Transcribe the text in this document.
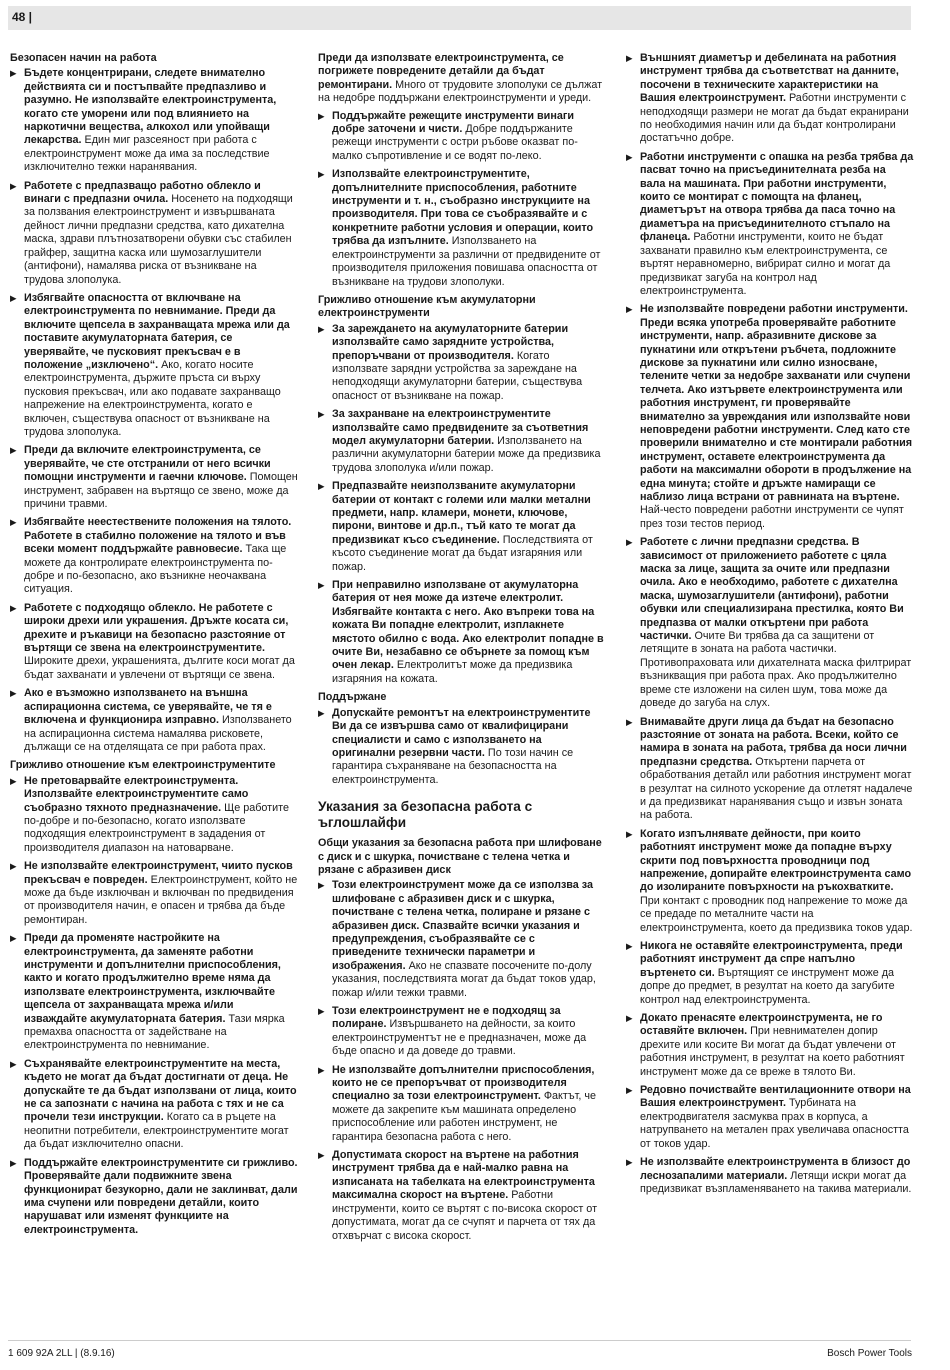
48 |
Безопасен начин на работа
▶ Бъдете концентрирани, следете внимателно действията си и постъпвайте предпазливо и разумно. Не използвайте електроинструмента, когато сте уморени или под влиянието на наркотични вещества, алкохол или упойващи лекарства. Един миг разсеяност при работа с електроинструмент може да има за последствие изключително тежки наранявания.
▶ Работете с предпазващо работно облекло и винаги с предпазни очила. Носенето на подходящи за ползвания електроинструмент и извършваната дейност лични предпазни средства, като дихателна маска, здрави плътнозатворени обувки със стабилен грайфер, защитна каска или шумозаглушители (антифони), намалява риска от възникване на трудова злополука.
▶ Избягвайте опасността от включване на електроинструмента по невнимание. Преди да включите щепсела в захранващата мрежа или да поставите акумулаторната батерия, се уверявайте, че пусковият прекъсвач е в положение „изключено“. Ако, когато носите електроинструмента, държите пръста си върху пусковия прекъсвач, или ако подавате захранващо напрежение на електроинструмента, когато е включен, съществува опасност от възникване на трудова злополука.
▶ Преди да включите електроинструмента, се уверявайте, че сте отстранили от него всички помощни инструменти и гаечни ключове. Помощен инструмент, забравен на въртящо се звено, може да причини травми.
▶ Избягвайте неестествените положения на тялото. Работете в стабилно положение на тялото и във всеки момент поддържайте равновесие. Така ще можете да контролирате електроинструмента по-добре и по-безопасно, ако възникне неочаквана ситуация.
▶ Работете с подходящо облекло. Не работете с широки дрехи или украшения. Дръжте косата си, дрехите и ръкавици на безопасно разстояние от въртящи се звена на електроинструментите. Широките дрехи, украшенията, дългите коси могат да бъдат захванати и увлечени от въртящи се звена.
▶ Ако е възможно използването на външна аспирационна система, се уверявайте, че тя е включена и функционира изправно. Използването на аспирационна система намалява рисковете, дължащи се на отделящата се при работа прах.
Грижливо отношение към електроинструментите
▶ Не претоварвайте електроинструмента. Използвайте електроинструментите само съобразно тяхното предназначение. Ще работите по-добре и по-безопасно, когато използвате подходящия електроинструмент в зададения от производителя диапазон на натоварване.
▶ Не използвайте електроинструмент, чиито пусков прекъсвач е повреден. Електроинструмент, който не може да бъде изключван и включван по предвидения от производителя начин, е опасен и трябва да бъде ремонтиран.
▶ Преди да променяте настройките на електроинструмента, да заменяте работни инструменти и допълнителни приспособления, както и когато продължително време няма да използвате електроинструмента, изключвайте щепсела от захранващата мрежа и/или изваждайте акумулаторната батерия. Тази мярка премахва опасността от задействане на електроинструмента по невнимание.
▶ Съхранявайте електроинструментите на места, където не могат да бъдат достигнати от деца. Не допускайте те да бъдат използвани от лица, които не са запознати с начина на работа с тях и не са прочели тези инструкции. Когато са в ръцете на неопитни потребители, електроинструментите могат да бъдат изключително опасни.
▶ Поддържайте електроинструментите си грижливо. Проверявайте дали подвижните звена функционират безукорно, дали не заклинват, дали има счупени или повредени детайли, които нарушават или изменят функциите на електроинструмента.
Преди да използвате електроинструмента, се погрижете повредените детайли да бъдат ремонтирани. Много от трудовите злополуки се дължат на недобре поддържани електроинструменти и уреди.
▶ Поддържайте режещите инструменти винаги добре заточени и чисти. Добре поддържаните режещи инструменти с остри ръбове оказват по-малко съпротивление и се водят по-леко.
▶ Използвайте електроинструментите, допълнителните приспособления, работните инструменти и т. н., съобразно инструкциите на производителя. При това се съобразявайте и с конкретните работни условия и операции, които трябва да изпълните. Използването на електроинструменти за различни от предвидените от производителя приложения повишава опасността от възникване на трудови злополуки.
Грижливо отношение към акумулаторни електроинструменти
▶ За зареждането на акумулаторните батерии използвайте само зарядните устройства, препоръчвани от производителя. Когато използвате зарядни устройства за зареждане на неподходящи акумулаторни батерии, съществува опасност от възникване на пожар.
▶ За захранване на електроинструментите използвайте само предвидените за съответния модел акумулаторни батерии. Използването на различни акумулаторни батерии може да предизвика трудова злополука и/или пожар.
▶ Предпазвайте неизползваните акумулаторни батерии от контакт с големи или малки метални предмети, напр. кламери, монети, ключове, пирони, винтове и др.п., тъй като те могат да предизвикат късо съединение. Последствията от късото съединение могат да бъдат изгаряния или пожар.
▶ При неправилно използване от акумулаторна батерия от нея може да изтече електролит. Избягвайте контакта с него. Ако въпреки това на кожата Ви попадне електролит, изплакнете мястото обилно с вода. Ако електролит попадне в очите Ви, незабавно се обърнете за помощ към очен лекар. Електролитът може да предизвика изгаряния на кожата.
Поддържане
▶ Допускайте ремонтът на електроинструментите Ви да се извършва само от квалифицирани специалисти и само с използването на оригинални резервни части. По този начин се гарантира съхраняване на безопасността на електроинструмента.
Указания за безопасна работа с ъглошлайфи
Общи указания за безопасна работа при шлифоване с диск и с шкурка, почистване с телена четка и рязане с абразивен диск
▶ Този електроинструмент може да се използва за шлифоване с абразивен диск и с шкурка, почистване с телена четка, полиране и рязане с абразивен диск. Спазвайте всички указания и предупреждения, съобразявайте се с приведените технически параметри и изображения. Ако не спазвате посочените по-долу указания, последствията могат да бъдат токов удар, пожар и/или тежки травми.
▶ Този електроинструмент не е подходящ за полиране. Извършването на дейности, за които електроинструментът не е предназначен, може да бъде опасно и да доведе до травми.
▶ Не използвайте допълнителни приспособления, които не се препоръчват от производителя специално за този електроинструмент. Фактът, че можете да закрепите към машината определено приспособление или работен инструмент, не гарантира безопасна работа с него.
▶ Допустимата скорост на въртене на работния инструмент трябва да е най-малко равна на изписаната на табелката на електроинструмента максимална скорост на въртене. Работни инструменти, които се въртят с по-висока скорост от допустимата, могат да се счупят и парчета от тях да отхвърчат с висока скорост.
▶ Външният диаметър и дебелината на работния инструмент трябва да съответстват на данните, посочени в техническите характеристики на Вашия електроинструмент. Работни инструменти с неподходящи размери не могат да бъдат екранирани по необходимия начин или да бъдат контролирани достатъчно добре.
▶ Работни инструменти с опашка на резба трябва да пасват точно на присъединителната резба на вала на машината. При работни инструменти, които се монтират с помощта на фланец, диаметърът на отвора трябва да паса точно на диаметъра на присъединителното стъпало на фланеца. Работни инструменти, които не бъдат захванати правилно към електроинструмента, се въртят неравномерно, вибрират силно и могат да предизвикат загуба на контрол над електроинструмента.
▶ Не използвайте повредени работни инструменти. Преди всяка употреба проверявайте работните инструменти, напр. абразивните дискове за пукнатини или открътени ръбчета, подложните дискове за пукнатини или силно износване, телените четки за недобре захванати или счупени телчета. Ако изтървете електроинструмента или работния инструмент, ги проверявайте внимателно за увреждания или използвайте нови неповредени работни инструменти. След като сте проверили внимателно и сте монтирали работния инструмент, оставете електроинструмента да работи на максимални обороти в продължение на една минута; стойте и дръжте намиращи се наблизо лица встрани от равнината на въртене. Най-често повредени работни инструменти се чупят през този тестов период.
▶ Работете с лични предпазни средства. В зависимост от приложението работете с цяла маска за лице, защита за очите или предпазни очила. Ако е необходимо, работете с дихателна маска, шумозаглушители (антифони), работни обувки или специализирана престилка, която Ви предпазва от малки откъртени при работа частички. Очите Ви трябва да са защитени от летящите в зоната на работа частички. Противопраховата или дихателната маска филтрират възникващия при работа прах. Ако продължително време сте изложени на силен шум, това може да доведе до загуба на слух.
▶ Внимавайте други лица да бъдат на безопасно разстояние от зоната на работа. Всеки, който се намира в зоната на работа, трябва да носи лични предпазни средства. Откъртени парчета от обработвания детайл или работния инструмент могат в резултат на силното ускорение да отлетят надалече и да предизвикат наранявания също и извън зоната на работа.
▶ Когато изпълнявате дейности, при които работният инструмент може да попадне върху скрити под повърхността проводници под напрежение, допирайте електроинструмента само до изолираните повърхности на ръкохватките. При контакт с проводник под напрежение то може да се предаде по металните части на електроинструмента, което да предизвика токов удар.
▶ Никога не оставяйте електроинструмента, преди работният инструмент да спре напълно въртенето си. Въртящият се инструмент може да допре до предмет, в резултат на което да загубите контрол над електроинструмента.
▶ Докато пренасяте електроинструмента, не го оставяйте включен. При невнимателен допир дрехите или косите Ви могат да бъдат увлечени от работния инструмент, в резултат на което работният инструмент може да се вреже в тялото Ви.
▶ Редовно почиствайте вентилационните отвори на Вашия електроинструмент. Турбината на електродвигателя засмуква прах в корпуса, а натрупването на метален прах увеличава опасността от токов удар.
▶ Не използвайте електроинструмента в близост до леснозапалими материали. Летящи искри могат да предизвикат възпламеняването на такива материали.
1 609 92A 2LL | (8.9.16)	Bosch Power Tools
